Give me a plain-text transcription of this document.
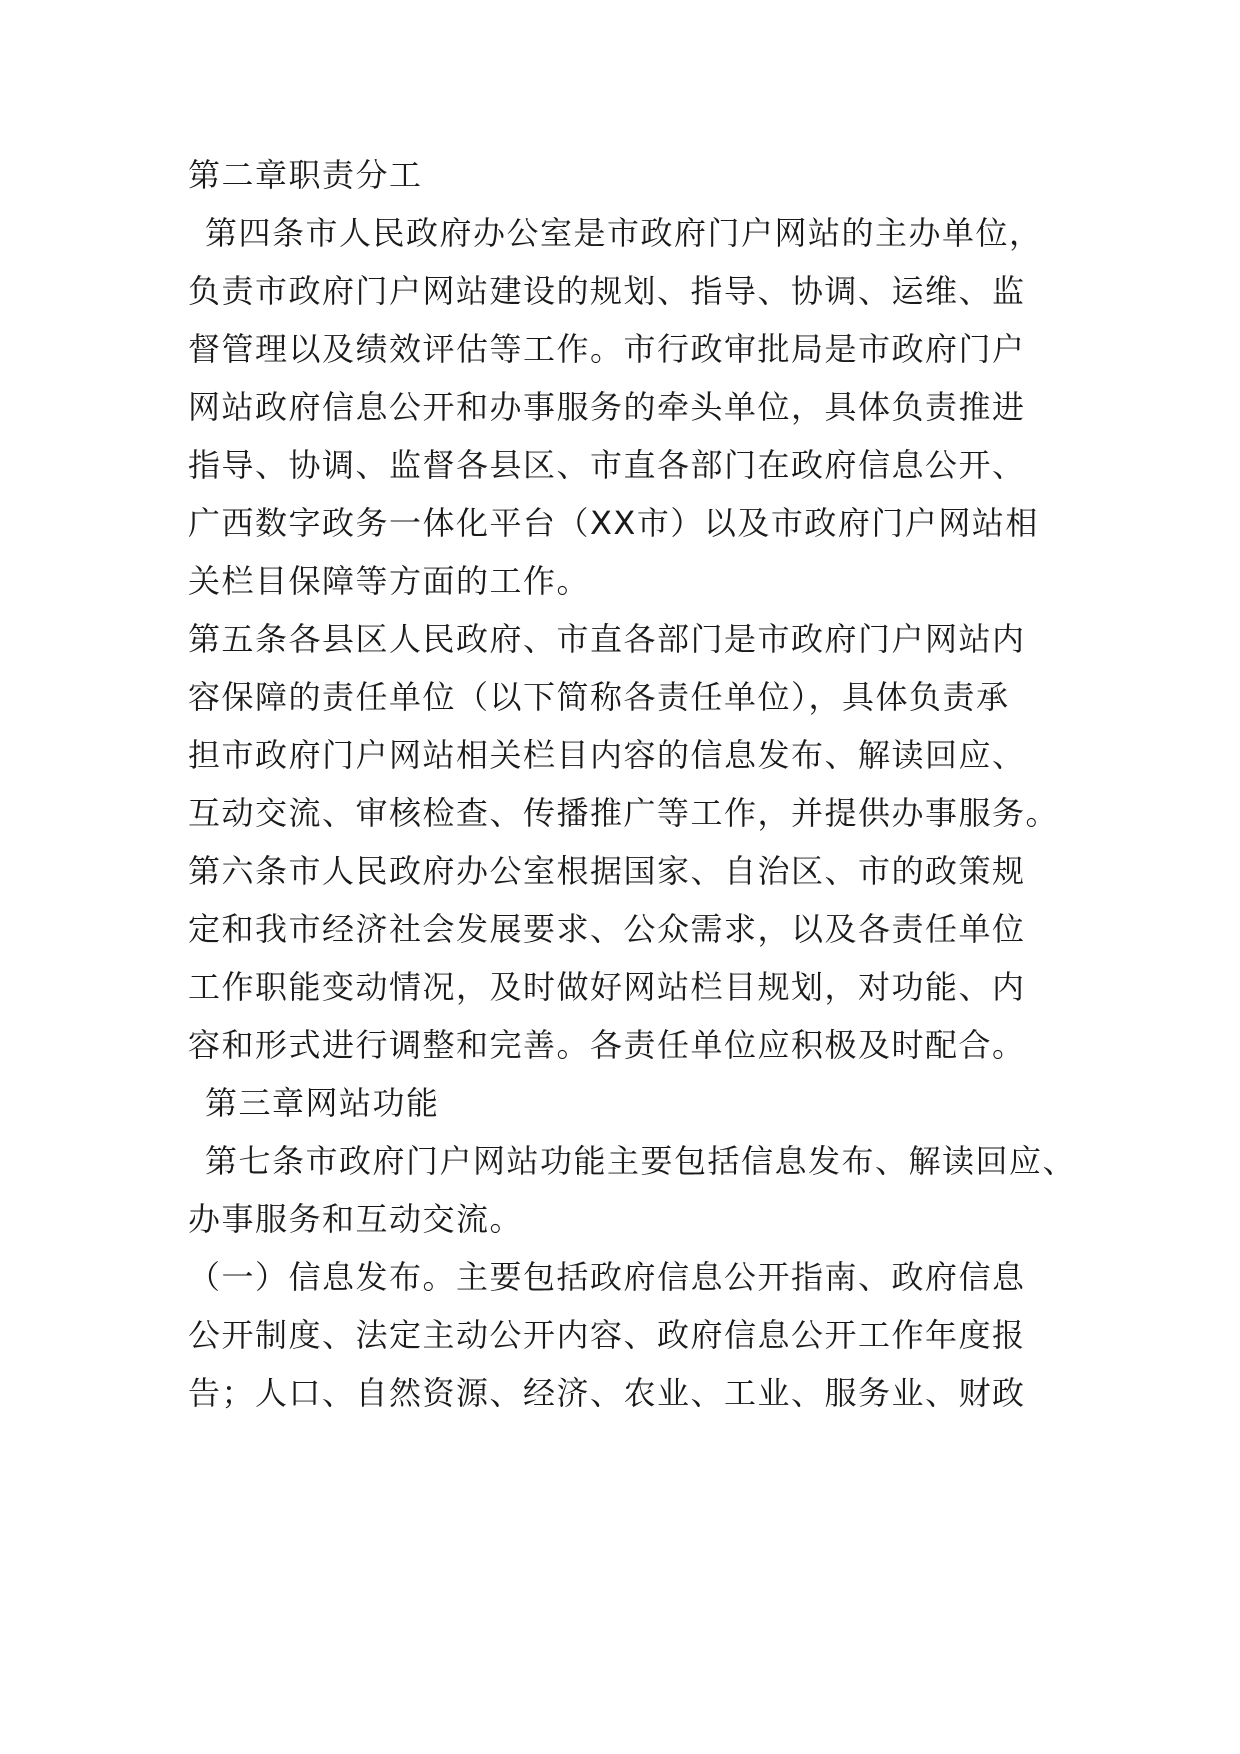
第二章职责分工
第四条市人民政府办公室是市政府门户网站的主办单位，
负责市政府门户网站建设的规划、指导、协调、运维、监
督管理以及绩效评估等工作。市行政审批局是市政府门户
网站政府信息公开和办事服务的牵头单位，具体负责推进
指导、协调、监督各县区、市直各部门在政府信息公开、
广西数字政务一体化平台（XX市）以及市政府门户网站相
关栏目保障等方面的工作。
第五条各县区人民政府、市直各部门是市政府门户网站内
容保障的责任单位（以下简称各责任单位），具体负责承
担市政府门户网站相关栏目内容的信息发布、解读回应、
互动交流、审核检查、传播推广等工作，并提供办事服务。
第六条市人民政府办公室根据国家、自治区、市的政策规
定和我市经济社会发展要求、公众需求，以及各责任单位
工作职能变动情况，及时做好网站栏目规划，对功能、内
容和形式进行调整和完善。各责任单位应积极及时配合。
第三章网站功能
第七条市政府门户网站功能主要包括信息发布、解读回应、
办事服务和互动交流。
（一）信息发布。主要包括政府信息公开指南、政府信息
公开制度、法定主动公开内容、政府信息公开工作年度报
告；人口、自然资源、经济、农业、工业、服务业、财政
